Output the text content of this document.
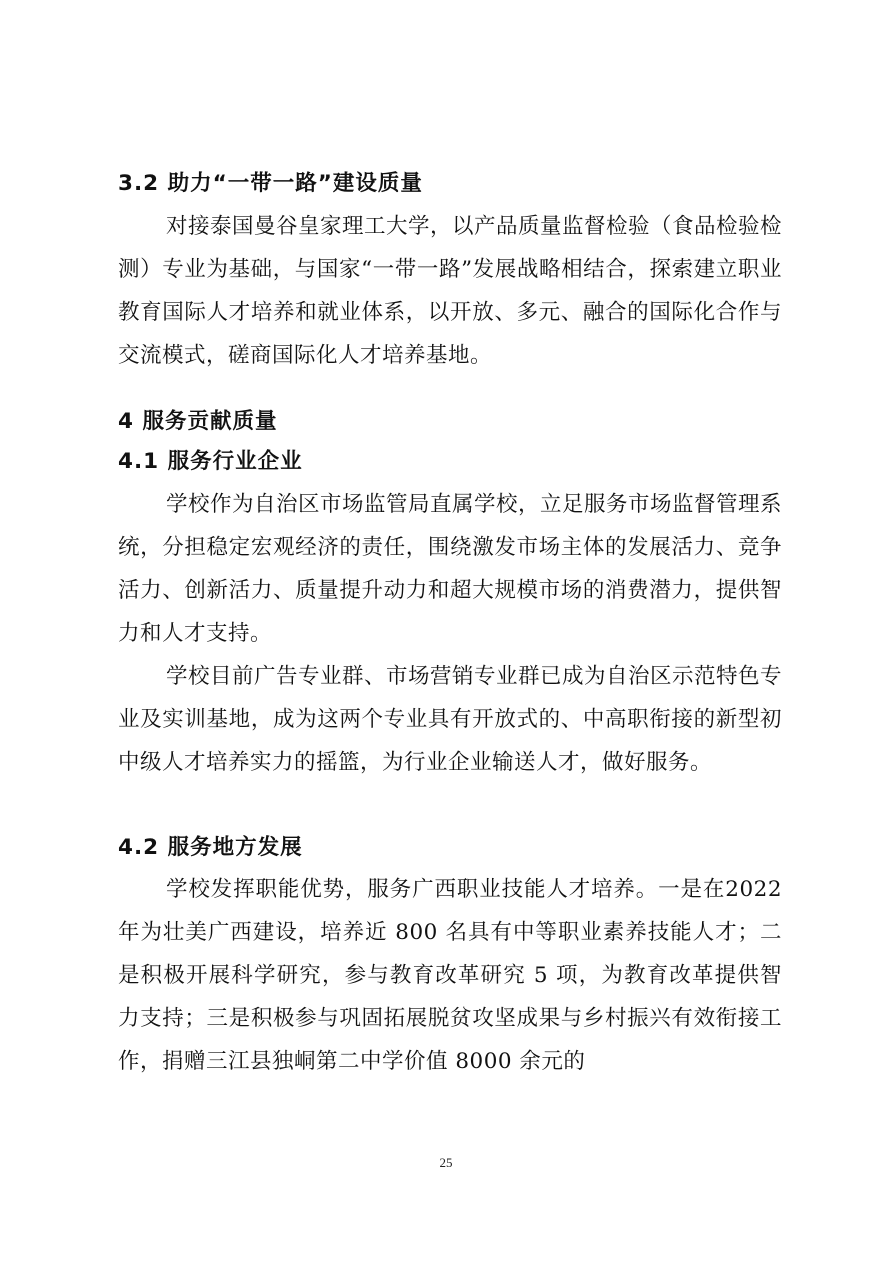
3.2 助力“一带一路”建设质量
对接泰国曼谷皇家理工大学，以产品质量监督检验（食品检验检测）专业为基础，与国家“一带一路”发展战略相结合，探索建立职业教育国际人才培养和就业体系，以开放、多元、融合的国际化合作与交流模式，磋商国际化人才培养基地。
4 服务贡献质量
4.1 服务行业企业
学校作为自治区市场监管局直属学校，立足服务市场监督管理系统，分担稳定宏观经济的责任，围绕激发市场主体的发展活力、竞争活力、创新活力、质量提升动力和超大规模市场的消费潜力，提供智力和人才支持。
学校目前广告专业群、市场营销专业群已成为自治区示范特色专业及实训基地，成为这两个专业具有开放式的、中高职衔接的新型初中级人才培养实力的摇篮，为行业企业输送人才，做好服务。
4.2 服务地方发展
学校发挥职能优势，服务广西职业技能人才培养。一是在2022 年为壮美广西建设，培养近 800 名具有中等职业素养技能人才；二是积极开展科学研究，参与教育改革研究 5 项，为教育改革提供智力支持；三是积极参与巩固拓展脱贫攻坚成果与乡村振兴有效衔接工作，捐赠三江县独峒第二中学价值 8000 余元的
25
